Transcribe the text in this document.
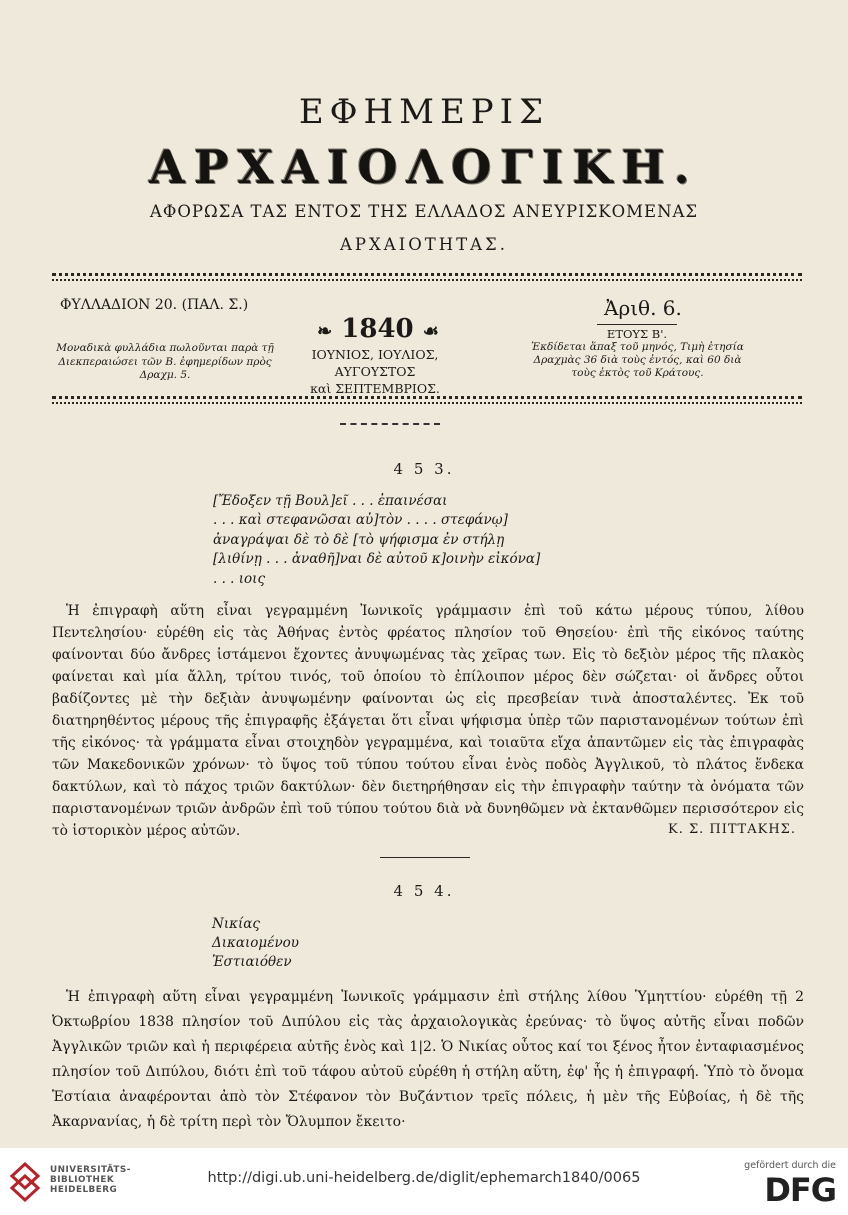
ΕΦΗΜΕΡΙΣ
ΑΡΧΑΙΟΛΟΓΙΚΗ.
ΑΦΟΡΩΣΑ ΤΑΣ ΕΝΤΟΣ ΤΗΣ ΕΛΛΑΔΟΣ ΑΝΕΥΡΙΣΚΟΜΕΝΑΣ
ΑΡΧΑΙΟΤΗΤΑΣ.
ΦΥΛΛΑΔΙΟΝ 20. (ΠΑΛ. Σ.)
Μοναδικὰ φυλλάδια πωλοῦνται παρὰ τῇ Διεκπεραιώσει τῶν Β. ἐφημερίδων πρὸς Δραχμ. 5.
❧ 1840 ☙
ΙΟΥΝΙΟΣ, ΙΟΥΛΙΟΣ, ΑΥΓΟΥΣΤΟΣ
καὶ ΣΕΠΤΕΜΒΡΙΟΣ.
Ἀριθ. 6.
ΕΤΟΥΣ Β'.
Ἐκδίδεται ἅπαξ τοῦ μηνός, Τιμὴ ἐτησία Δραχμὰς 36 διὰ τοὺς ἐντός, καὶ 60 διὰ τοὺς ἐκτὸς τοῦ Κράτους.
4 5 3.
[Ἔδοξεν τῇ Βουλ]εῖ . . . ἐπαινέσαι
. . . καὶ στεφανῶσαι αὐ]τὸν . . . . στεφάνῳ]
ἀναγράψαι δὲ τὸ δὲ [τὸ ψήφισμα ἐν στήλῃ
[λιθίνῃ . . . ἀναθῆ]ναι δὲ αὐτοῦ κ]οινὴν εἰκόνα]
. . . ιοις

Ἡ ἐπιγραφὴ αὕτη εἶναι γεγραμμένη Ἰωνικοῖς γράμμασιν ἐπὶ τοῦ κάτω μέρους τύπου, λίθου Πεντελησίου· εὑρέθη εἰς τὰς Ἀθήνας ἐντὸς φρέατος πλησίον τοῦ Θησείου· ἐπὶ τῆς εἰκόνος ταύτης φαίνονται δύο ἄνδρες ἱστάμενοι ἔχοντες ἀνυψωμένας τὰς χεῖρας των. Εἰς τὸ δεξιὸν μέρος τῆς πλακὸς φαίνεται καὶ μία ἄλλη, τρίτου τινός, τοῦ ὁποίου τὸ ἐπίλοιπον μέρος δὲν σώζεται· οἱ ἄνδρες οὗτοι βαδίζοντες μὲ τὴν δεξιὰν ἀνυψωμένην φαίνονται ὡς εἰς πρεσβείαν τινὰ ἀποσταλέντες. Ἐκ τοῦ διατηρηθέντος μέρους τῆς ἐπιγραφῆς ἐξάγεται ὅτι εἶναι ψήφισμα ὑπὲρ τῶν παριστανομένων τούτων ἐπὶ τῆς εἰκόνος· τὰ γράμματα εἶναι στοιχηδὸν γεγραμμένα, καὶ τοιαῦτα εἴχα ἀπαντῶμεν εἰς τὰς ἐπιγραφὰς τῶν Μακεδονικῶν χρόνων· τὸ ὕψος τοῦ τύπου τούτου εἶναι ἑνὸς ποδὸς Ἀγγλικοῦ, τὸ πλάτος ἕνδεκα δακτύλων, καὶ τὸ πάχος τριῶν δακτύλων· δὲν διετηρήθησαν εἰς τὴν ἐπιγραφὴν ταύτην τὰ ὀνόματα τῶν παριστανομένων τριῶν ἀνδρῶν ἐπὶ τοῦ τύπου τούτου διὰ νὰ δυνηθῶμεν νὰ ἐκτανθῶμεν περισσότερον εἰς τὸ ἱστορικὸν μέρος αὐτῶν.	Κ. Σ. ΠΙΤΤΑΚΗΣ.
4 5 4.
Νικίας
Δικαιομένου
Ἐστιαιόθεν

Ἡ ἐπιγραφὴ αὕτη εἶναι γεγραμμένη Ἰωνικοῖς γράμμασιν ἐπὶ στήλης λίθου Ὑμηττίου· εὑρέθη τῇ 2 Ὀκτωβρίου 1838 πλησίον τοῦ Διπύλου εἰς τὰς ἀρχαιολογικὰς ἐρεύνας· τὸ ὕψος αὐτῆς εἶναι ποδῶν Ἀγγλικῶν τριῶν καὶ ἡ περιφέρεια αὐτῆς ἑνὸς καὶ 1|2. Ὁ Νικίας οὗτος καί τοι ξένος ἦτον ἐνταφιασμένος πλησίον τοῦ Διπύλου, διότι ἐπὶ τοῦ τάφου αὐτοῦ εὑρέθη ἡ στήλη αὕτη, ἐφ' ἧς ἡ ἐπιγραφή. Ὑπὸ τὸ ὄνομα Ἑστίαια ἀναφέρονται ἀπὸ τὸν Στέφανον τὸν Βυζάντιον τρεῖς πόλεις, ἡ μὲν τῆς Εὐβοίας, ἡ δὲ τῆς Ἀκαρνανίας, ἡ δὲ τρίτη περὶ τὸν Ὄλυμπον ἔκειτο·

UNIVERSITÄTS-
BIBLIOTHEK
HEIDELBERG
http://digi.ub.uni-heidelberg.de/diglit/ephemarch1840/0065
gefördert durch die
DFG
